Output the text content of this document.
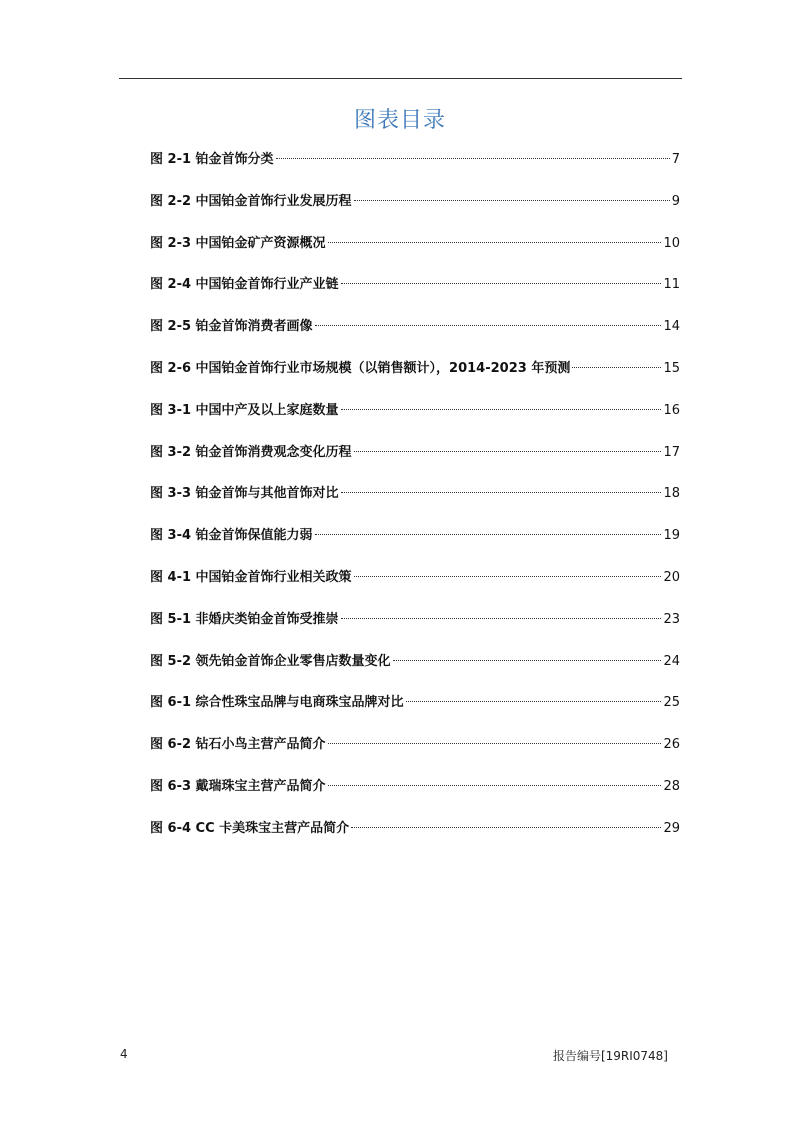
图表目录
图 2-1 铂金首饰分类	7
图 2-2 中国铂金首饰行业发展历程	9
图 2-3 中国铂金矿产资源概况	10
图 2-4 中国铂金首饰行业产业链	11
图 2-5 铂金首饰消费者画像	14
图 2-6 中国铂金首饰行业市场规模（以销售额计），2014-2023 年预测	15
图 3-1 中国中产及以上家庭数量	16
图 3-2 铂金首饰消费观念变化历程	17
图 3-3 铂金首饰与其他首饰对比	18
图 3-4 铂金首饰保值能力弱	19
图 4-1 中国铂金首饰行业相关政策	20
图 5-1 非婚庆类铂金首饰受推崇	23
图 5-2 领先铂金首饰企业零售店数量变化	24
图 6-1 综合性珠宝品牌与电商珠宝品牌对比	25
图 6-2 钻石小鸟主营产品简介	26
图 6-3 戴瑞珠宝主营产品简介	28
图 6-4 CC 卡美珠宝主营产品简介	29
4	报告编号[19RI0748]
